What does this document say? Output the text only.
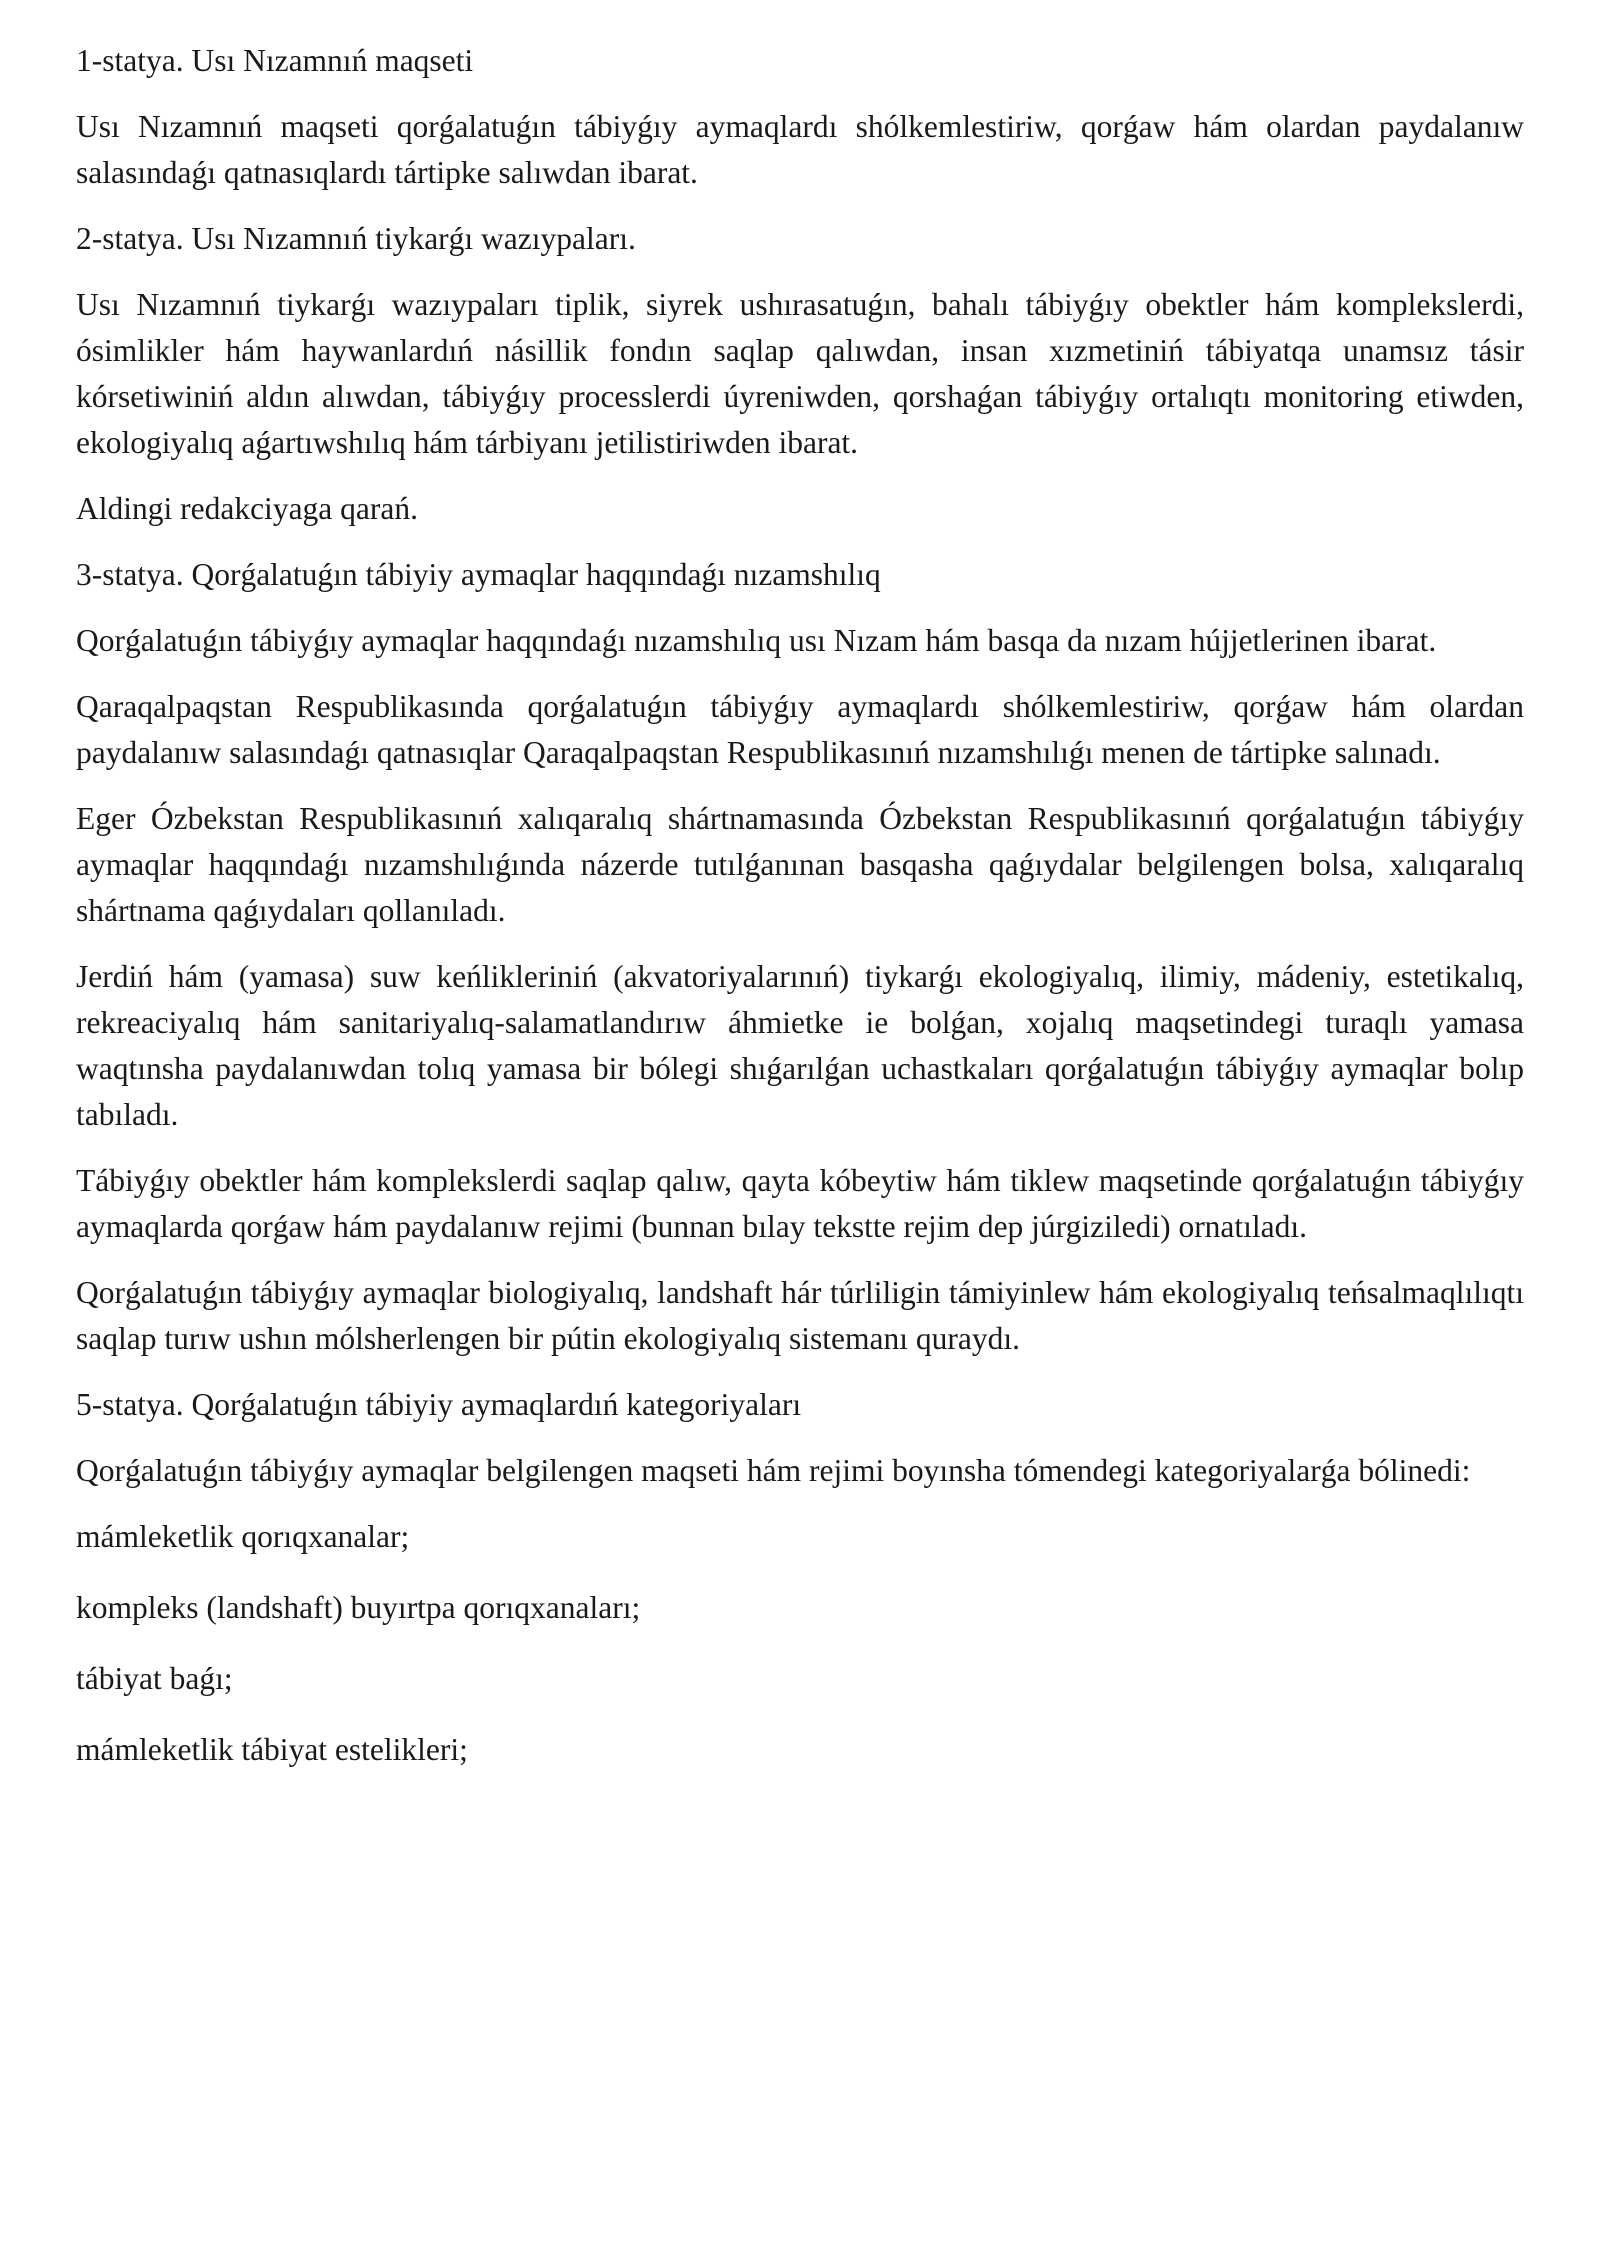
1-statya. Usı Nızamnıń maqseti

Usı Nızamnıń maqseti qorǵalatuǵın tábiyǵıy aymaqlardı shólkemlestiriw, qorǵaw hám olardan paydalanıw salasındaǵı qatnasıqlardı tártipke salıwdan ibarat.

2-statya. Usı Nızamnıń tiykarǵı wazıypaları.

Usı Nızamnıń tiykarǵı wazıypaları tiplik, siyrek ushırasatuǵın, bahalı tábiyǵıy obektler hám komplekslerdi, ósimlikler hám haywanlardıń násillik fondın saqlap qalıwdan, insan xızmetiniń tábiyatqa unamsız tásir kórsetiwiniń aldın alıwdan, tábiyǵıy processlerdi úyreniwden, qorshaǵan tábiyǵıy ortalıqtı monitoring etiwden, ekologiyalıq aǵartıwshılıq hám tárbiyanı jetilistiriwden ibarat.

Aldingi redakciyaga qarań.

3-statya. Qorǵalatuǵın tábiyiy aymaqlar haqqındaǵı nızamshılıq

Qorǵalatuǵın tábiyǵıy aymaqlar haqqındaǵı nızamshılıq usı Nızam hám basqa da nızam hújjetlerinen ibarat.

Qaraqalpaqstan Respublikasında qorǵalatuǵın tábiyǵıy aymaqlardı shólkemlestiriw, qorǵaw hám olardan paydalanıw salasındaǵı qatnasıqlar Qaraqalpaqstan Respublikasınıń nızamshılıǵı menen de tártipke salınadı.

Eger Ózbekstan Respublikasınıń xalıqaralıq shártnamasında Ózbekstan Respublikasınıń qorǵalatuǵın tábiyǵıy aymaqlar haqqındaǵı nızamshılıǵında názerde tutılǵanınan basqasha qaǵıydalar belgilengen bolsa, xalıqaralıq shártnama qaǵıydaları qollanıladı.

Jerdiń hám (yamasa) suw keńlikleriniń (akvatoriyalarınıń) tiykarǵı ekologiyalıq, ilimiy, mádeniy, estetikalıq, rekreaciyalıq hám sanitariyalıq-salamatlandırıw áhmietke ie bolǵan, xojalıq maqsetindegi turaqlı yamasa waqtınsha paydalanıwdan tolıq yamasa bir bólegi shıǵarılǵan uchastkaları qorǵalatuǵın tábiyǵıy aymaqlar bolıp tabıladı.

Tábiyǵıy obektler hám komplekslerdi saqlap qalıw, qayta kóbeytiw hám tiklew maqsetinde qorǵalatuǵın tábiyǵıy aymaqlarda qorǵaw hám paydalanıw rejimi (bunnan bılay tekstte rejim dep júrgiziledi) ornatıladı.

Qorǵalatuǵın tábiyǵıy aymaqlar biologiyalıq, landshaft hár túrliligin támiyinlew hám ekologiyalıq teńsalmaqlılıqtı saqlap turıw ushın mólsherlengen bir pútin ekologiyalıq sistemanı quraydı.

5-statya. Qorǵalatuǵın tábiyiy aymaqlardıń kategoriyaları

Qorǵalatuǵın tábiyǵıy aymaqlar belgilengen maqseti hám rejimi boyınsha tómendegi kategoriyalarǵa bólinedi:

mámleketlik qorıqxanalar;

kompleks (landshaft) buyırtpa qorıqxanaları;

tábiyat baǵı;

mámleketlik tábiyat estelikleri;
